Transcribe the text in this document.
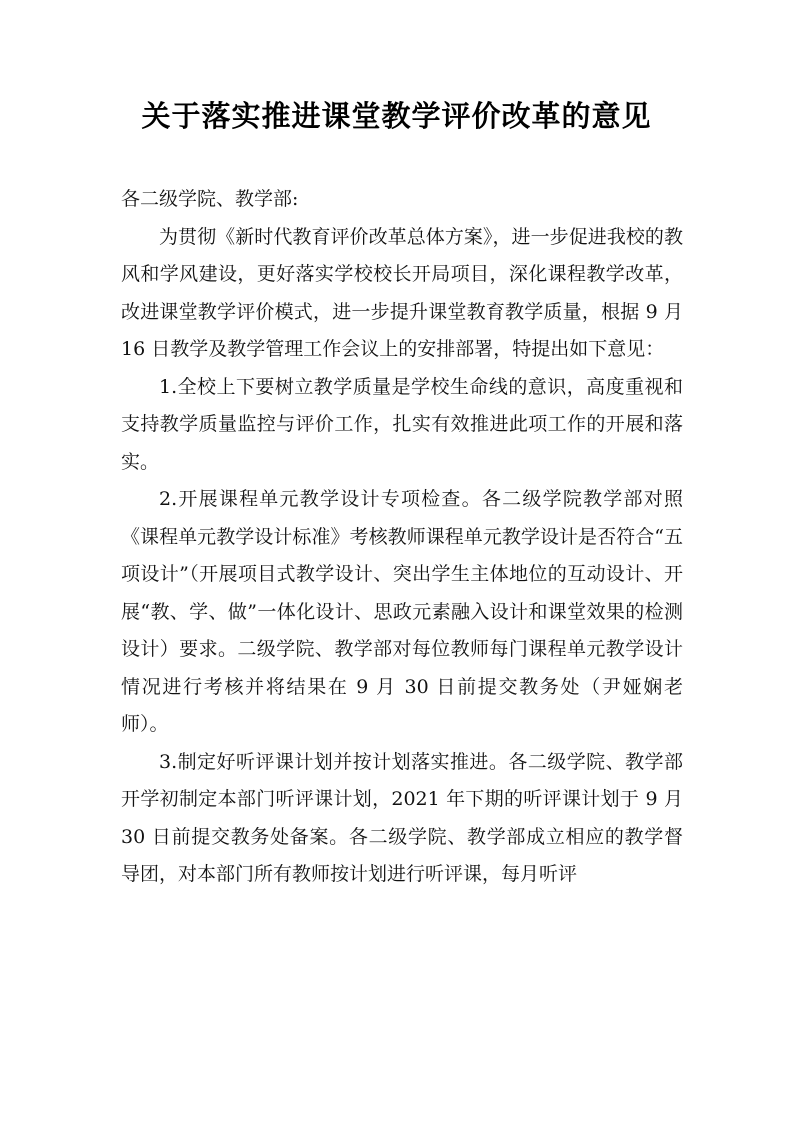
关于落实推进课堂教学评价改革的意见

各二级学院、教学部:

为贯彻《新时代教育评价改革总体方案》，进一步促进我校的教风和学风建设，更好落实学校校长开局项目，深化课程教学改革，改进课堂教学评价模式，进一步提升课堂教育教学质量，根据 9 月 16 日教学及教学管理工作会议上的安排部署，特提出如下意见：

1.全校上下要树立教学质量是学校生命线的意识，高度重视和支持教学质量监控与评价工作，扎实有效推进此项工作的开展和落实。

2.开展课程单元教学设计专项检查。各二级学院教学部对照《课程单元教学设计标准》考核教师课程单元教学设计是否符合“五项设计”（开展项目式教学设计、突出学生主体地位的互动设计、开展“教、学、做”一体化设计、思政元素融入设计和课堂效果的检测设计）要求。二级学院、教学部对每位教师每门课程单元教学设计情况进行考核并将结果在 9 月 30 日前提交教务处（尹娅娴老师）。

3.制定好听评课计划并按计划落实推进。各二级学院、教学部开学初制定本部门听评课计划，2021 年下期的听评课计划于 9 月 30 日前提交教务处备案。各二级学院、教学部成立相应的教学督导团，对本部门所有教师按计划进行听评课，每月听评
